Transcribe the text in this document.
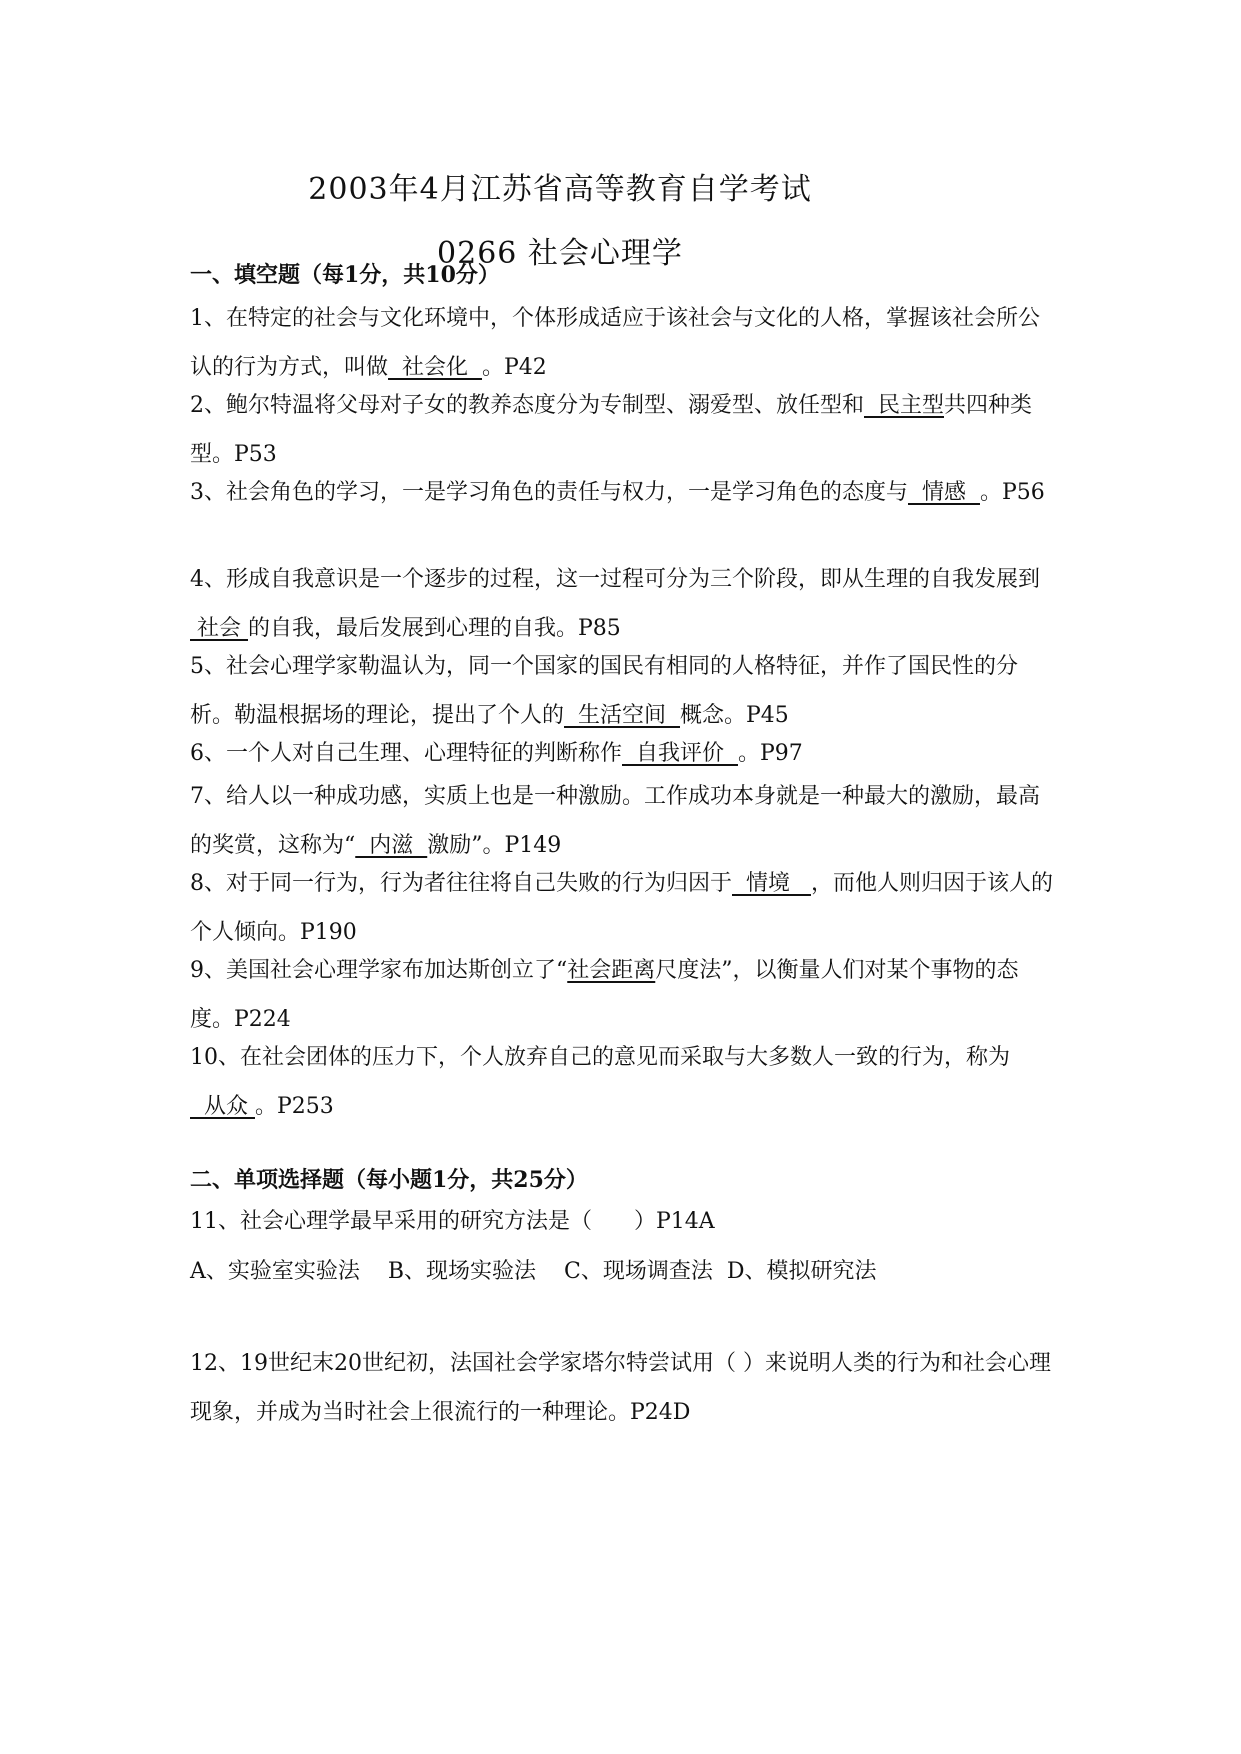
2003年4月江苏省高等教育自学考试
0266 社会心理学
一、填空题（每1分，共10分）
1、在特定的社会与文化环境中，个体形成适应于该社会与文化的人格，掌握该社会所公认的行为方式，叫做  社会化  。P42
2、鲍尔特温将父母对子女的教养态度分为专制型、溺爱型、放任型和  民主型共四种类型。P53
3、社会角色的学习，一是学习角色的责任与权力，一是学习角色的态度与  情感  。P56
4、形成自我意识是一个逐步的过程，这一过程可分为三个阶段，即从生理的自我发展到 社会 的自我，最后发展到心理的自我。P85
5、社会心理学家勒温认为，同一个国家的国民有相同的人格特征，并作了国民性的分析。勒温根据场的理论，提出了个人的  生活空间  概念。P45
6、一个人对自己生理、心理特征的判断称作  自我评价  。P97
7、给人以一种成功感，实质上也是一种激励。工作成功本身就是一种最大的激励，最高的奖赏，这称为“  内滋  激励”。P149
8、对于同一行为，行为者往往将自己失败的行为归因于  情境   ，而他人则归因于该人的个人倾向。P190
9、美国社会心理学家布加达斯创立了“社会距离尺度法”，以衡量人们对某个事物的态度。P224
10、在社会团体的压力下，个人放弃自己的意见而采取与大多数人一致的行为，称为  从众 。P253
二、单项选择题（每小题1分，共25分）
11、社会心理学最早采用的研究方法是（      ）P14A
A、实验室实验法    B、现场实验法    C、现场调查法  D、模拟研究法
12、19世纪末20世纪初，法国社会学家塔尔特尝试用（ ）来说明人类的行为和社会心理现象，并成为当时社会上很流行的一种理论。P24D
